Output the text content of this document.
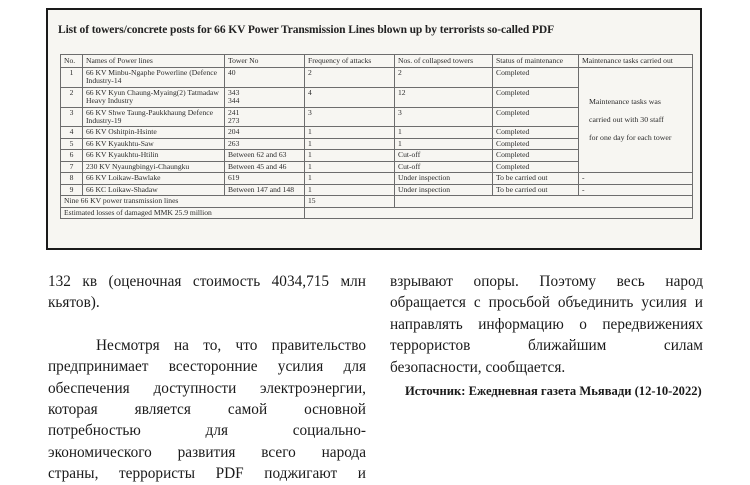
List of towers/concrete posts for 66 KV Power Transmission Lines blown up by terrorists so-called PDF
No.	Names of Power lines	Tower No	Frequency of attacks	Nos. of collapsed towers	Status of maintenance	Maintenance tasks carried out
1	66 KV Minbu-Ngaphe Powerline (Defence Industry-14	40	2	2	Completed	Maintenance tasks was
carried out with 30 staff
for one day for each tower

2	66 KV Kyun Chaung-Myaing(2) Tatmadaw Heavy Industry	343
344	4	12	Completed	
3	66 KV Shwe Taung-Paukkhaung Defence Industry-19	241
273	3	3	Completed	
4	66 KV Oshitpin-Hsinte	204	1	1	Completed	
5	66 KV Kyaukhtu-Saw	263	1	1	Completed	
6	66 KV Kyaukhtu-Htilin	Between 62 and 63	1	Cut-off	Completed	
7	230 KV Nyaungbingyi-Chaungku	Between 45 and 46	1	Cut-off	Completed	
8	66 KV Loikaw-Bawlake	619	1	Under inspection	To be carried out	-
9	66 KC Loikaw-Shadaw	Between 147 and 148	1	Under inspection	To be carried out	-
Nine 66 KV power transmission lines			15			
Estimated losses of damaged MMK 25.9 million						
132 кв (оценочная стоимость 4034,715 млн
кьятов).
Несмотря на то, что правительство
предпринимает всесторонние усилия для
обеспечения доступности электроэнергии,
которая является самой основной
потребностью для социально-
экономического развития всего народа
страны, террористы PDF поджигают и
взрывают опоры. Поэтому весь народ
обращается с просьбой объединить усилия и
направлять информацию о передвижениях
террористов ближайшим силам
безопасности, сообщается.
Источник: Ежедневная газета Мьявади (12-10-2022)
